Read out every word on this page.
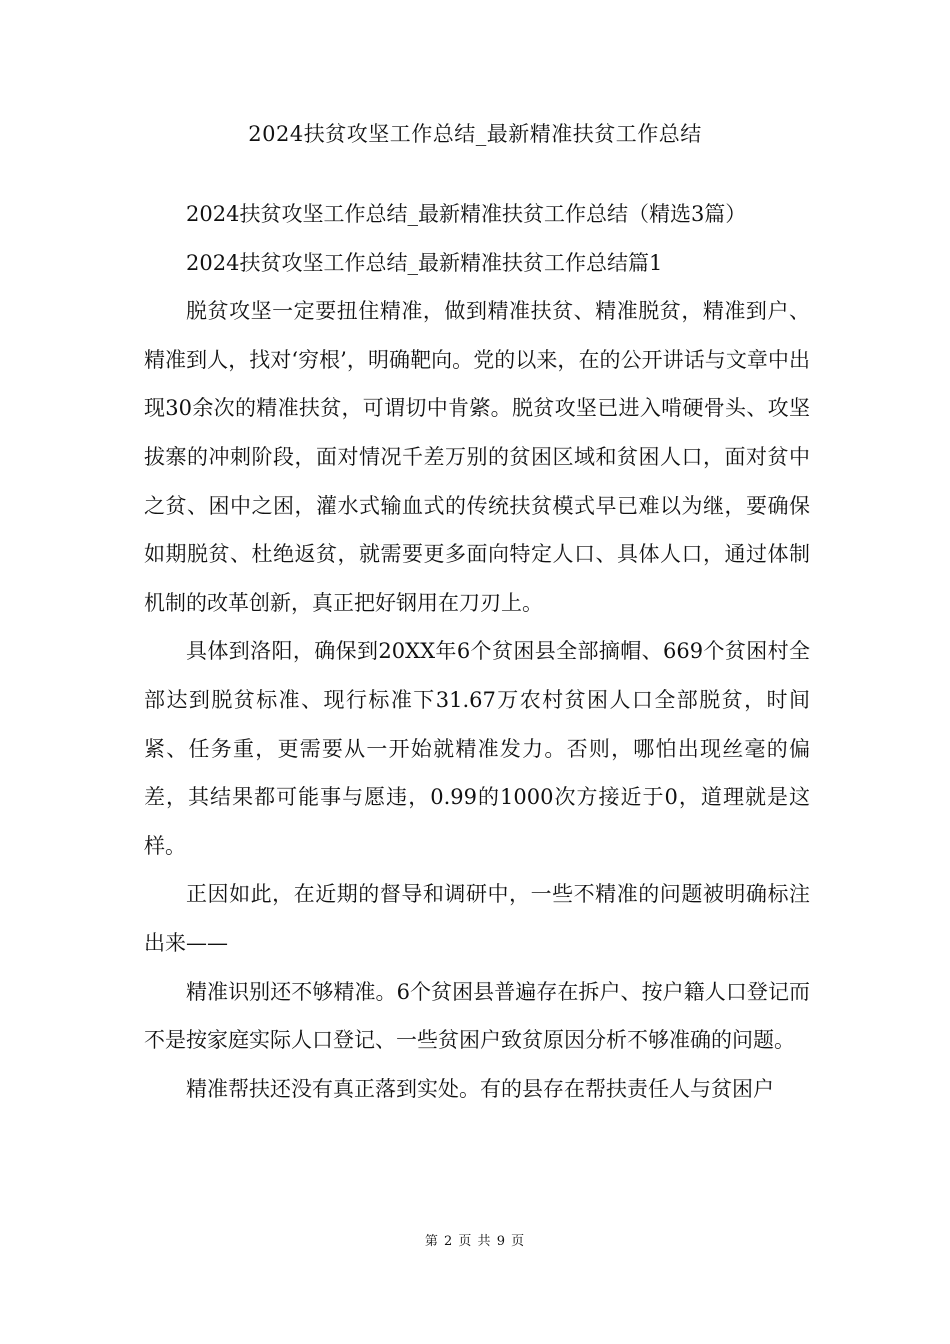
2024扶贫攻坚工作总结_最新精准扶贫工作总结

2024扶贫攻坚工作总结_最新精准扶贫工作总结（精选3篇）

2024扶贫攻坚工作总结_最新精准扶贫工作总结篇1

脱贫攻坚一定要扭住精准，做到精准扶贫、精准脱贫，精准到户、精准到人，找对‘穷根’，明确靶向。党的以来，在的公开讲话与文章中出现30余次的精准扶贫，可谓切中肯綮。脱贫攻坚已进入啃硬骨头、攻坚拔寨的冲刺阶段，面对情况千差万别的贫困区域和贫困人口，面对贫中之贫、困中之困，灌水式输血式的传统扶贫模式早已难以为继，要确保如期脱贫、杜绝返贫，就需要更多面向特定人口、具体人口，通过体制机制的改革创新，真正把好钢用在刀刃上。

具体到洛阳，确保到20XX年6个贫困县全部摘帽、669个贫困村全部达到脱贫标准、现行标准下31.67万农村贫困人口全部脱贫，时间紧、任务重，更需要从一开始就精准发力。否则，哪怕出现丝毫的偏差，其结果都可能事与愿违，0.99的1000次方接近于0，道理就是这样。

正因如此，在近期的督导和调研中，一些不精准的问题被明确标注出来——

精准识别还不够精准。6个贫困县普遍存在拆户、按户籍人口登记而不是按家庭实际人口登记、一些贫困户致贫原因分析不够准确的问题。

精准帮扶还没有真正落到实处。有的县存在帮扶责任人与贫困户

第 2 页 共 9 页
